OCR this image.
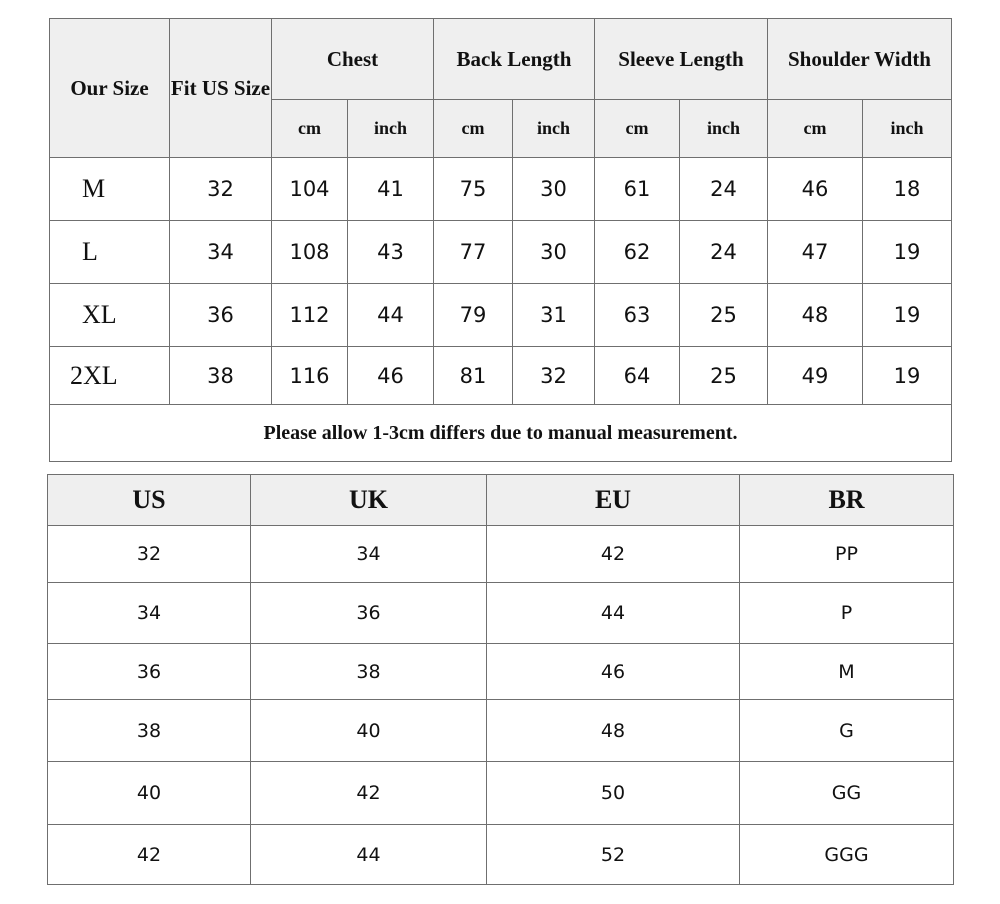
Our Size	Fit US Size	Chest		Back Length		Sleeve Length		Shoulder Width	
		cm	inch	cm	inch	cm	inch	cm	inch
M	32	104	41	75	30	61	24	46	18
L	34	108	43	77	30	62	24	47	19
XL	36	112	44	79	31	63	25	48	19
2XL	38	116	46	81	32	64	25	49	19
Please allow 1-3cm differs due to manual measurement.									
US	UK	EU	BR
32	34	42	PP
34	36	44	P
36	38	46	M
38	40	48	G
40	42	50	GG
42	44	52	GGG
